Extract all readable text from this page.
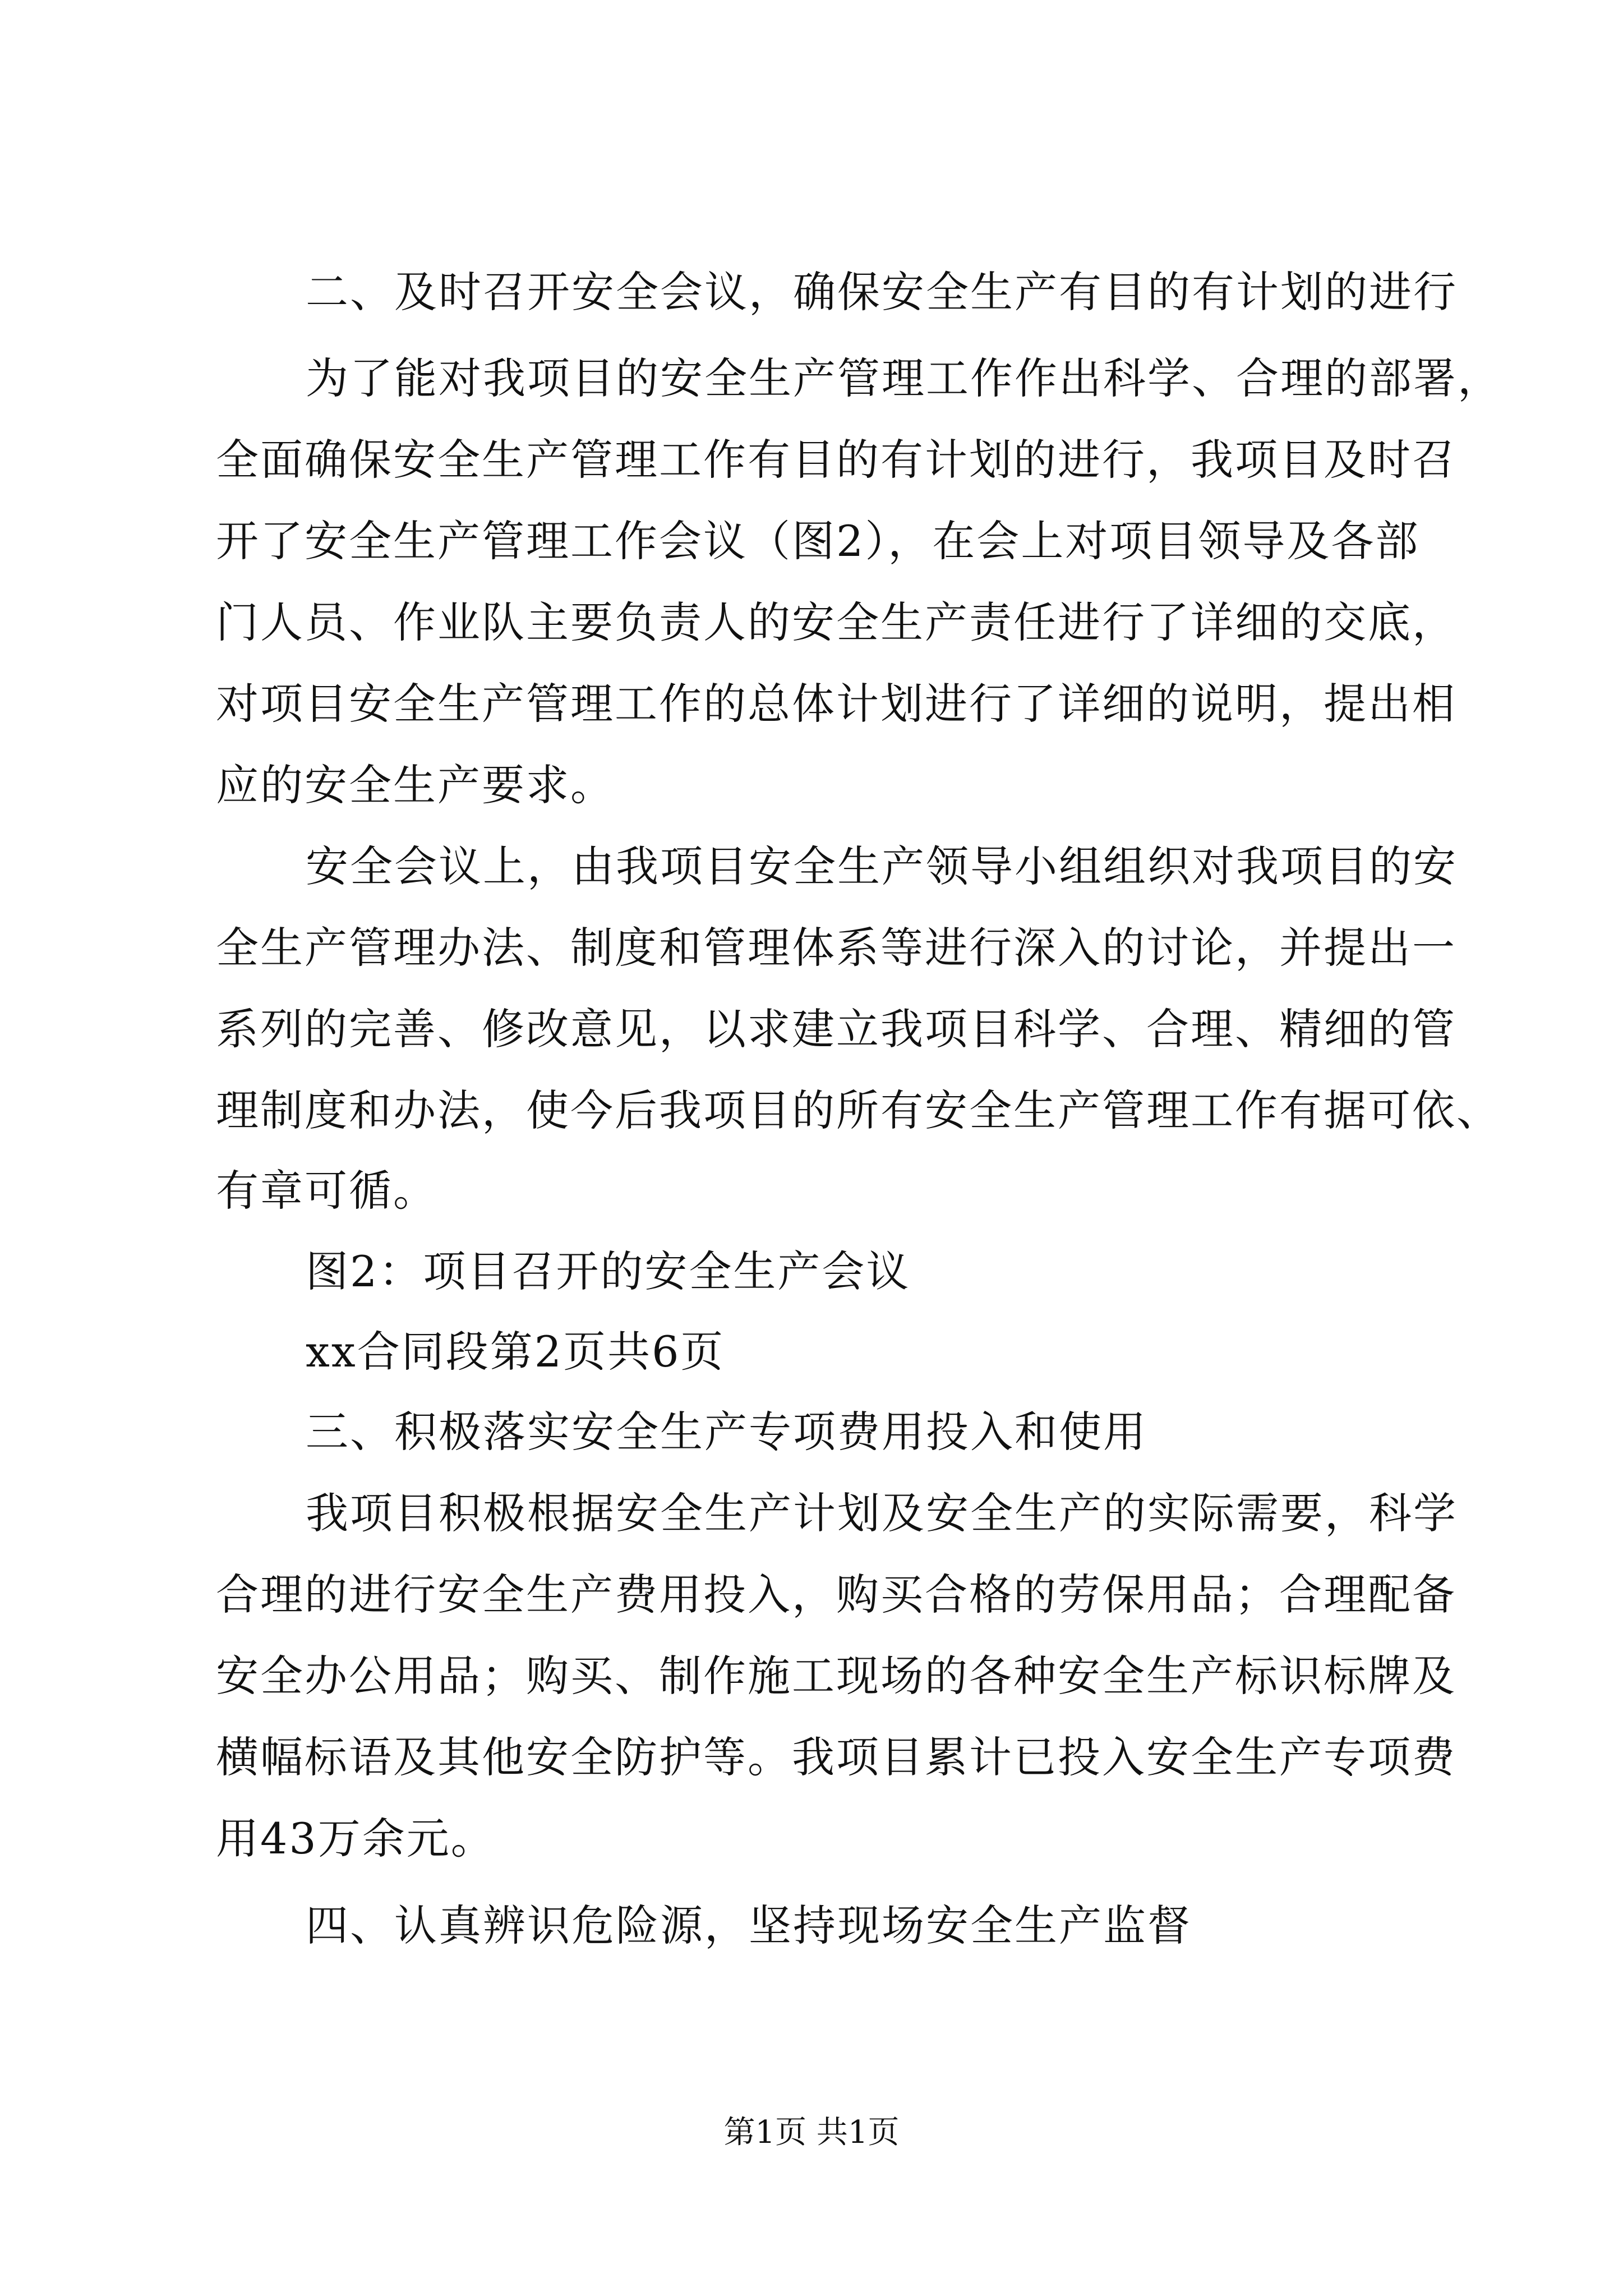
二、及时召开安全会议，确保安全生产有目的有计划的进行
为了能对我项目的安全生产管理工作作出科学、合理的部署，
全面确保安全生产管理工作有目的有计划的进行，我项目及时召
开了安全生产管理工作会议（图2），在会上对项目领导及各部
门人员、作业队主要负责人的安全生产责任进行了详细的交底，
对项目安全生产管理工作的总体计划进行了详细的说明，提出相
应的安全生产要求。
安全会议上，由我项目安全生产领导小组组织对我项目的安
全生产管理办法、制度和管理体系等进行深入的讨论，并提出一
系列的完善、修改意见，以求建立我项目科学、合理、精细的管
理制度和办法，使今后我项目的所有安全生产管理工作有据可依、
有章可循。
图2：项目召开的安全生产会议
xx合同段第2页共6页
三、积极落实安全生产专项费用投入和使用
我项目积极根据安全生产计划及安全生产的实际需要，科学
合理的进行安全生产费用投入，购买合格的劳保用品；合理配备
安全办公用品；购买、制作施工现场的各种安全生产标识标牌及
横幅标语及其他安全防护等。我项目累计已投入安全生产专项费
用43万余元。
四、认真辨识危险源，坚持现场安全生产监督
第1页 共1页
